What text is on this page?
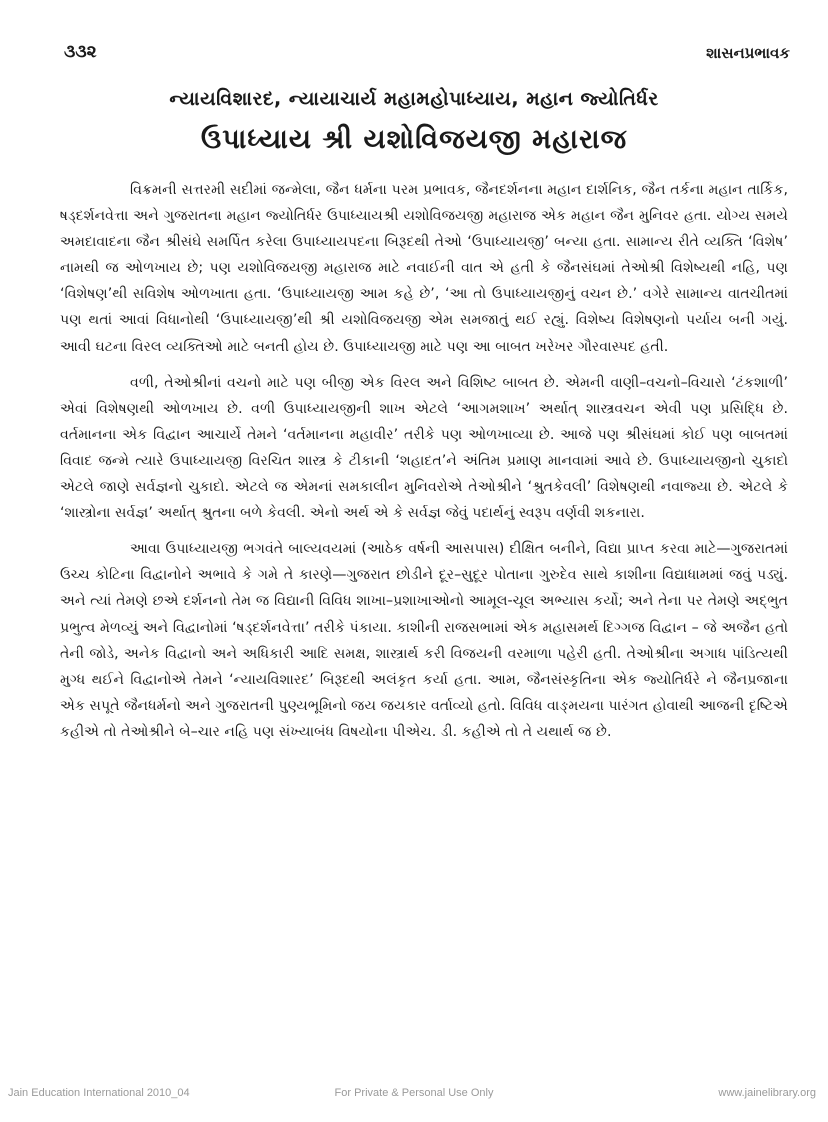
૩૩૨	શાસનપ્રભાવક
ન્યાયવિશારદ, ન્યાયાચાર્ય મહામહોપાધ્યાય, મહાન જ્યોતિર્ધર
ઉપાધ્યાય શ્રી યશોવિજયજી મહારાજ

વિક્રમની સત્તરમી સદીમાં જન્મેલા, જૈન ધર્મના પરમ પ્રભાવક, જૈનદર્શનના મહાન દાર્શનિક, જૈન તર્કના મહાન તાર્કિક, ષડ્દર્શનવેત્તા અને ગુજરાતના મહાન જ્યોતિર્ધર ઉપાધ્યાયશ્રી યશોવિજયજી મહારાજ એક મહાન જૈન મુનિવર હતા. યોગ્ય સમયે અમદાવાદના જૈન શ્રીસંઘે સમર્પિત કરેલા ઉપાધ્યાયપદના બિરૂદથી તેઓ ‘ઉપાધ્યાયજી’ બન્યા હતા. સામાન્ય રીતે વ્યક્તિ ‘વિશેષ’ નામથી જ ઓળખાય છે; પણ યશોવિજયજી મહારાજ માટે નવાઈની વાત એ હતી કે જૈનસંઘમાં તેઓશ્રી વિશેષ્યથી નહિ, પણ ‘વિશેષણ’થી સવિશેષ ઓળખાતા હતા. ‘ઉપાધ્યાયજી આમ કહે છે’, ‘આ તો ઉપાધ્યાયજીનું વચન છે.’ વગેરે સામાન્ય વાતચીતમાં પણ થતાં આવાં વિધાનોથી ‘ઉપાધ્યાયજી’થી શ્રી યશોવિજયજી એમ સમજાતું થઈ રહ્યું. વિશેષ્ય વિશેષણનો પર્યાય બની ગયું. આવી ઘટના વિરલ વ્યક્તિઓ માટે બનતી હોય છે. ઉપાધ્યાયજી માટે પણ આ બાબત ખરેખર ગૌરવાસ્પદ હતી.

વળી, તેઓશ્રીનાં વચનો માટે પણ બીજી એક વિરલ અને વિશિષ્ટ બાબત છે. એમની વાણી–વચનો–વિચારો ‘ટંકશાળી’ એવાં વિશેષણથી ઓળખાય છે. વળી ઉપાધ્યાયજીની શાખ એટલે ‘આગમશાખ’ અર્થાત્ શાસ્ત્રવચન એવી પણ પ્રસિદ્ધિ છે. વર્તમાનના એક વિદ્વાન આચાર્યે તેમને ‘વર્તમાનના મહાવીર’ તરીકે પણ ઓળખાવ્યા છે. આજે પણ શ્રીસંઘમાં કોઈ પણ બાબતમાં વિવાદ જન્મે ત્યારે ઉપાધ્યાયજી વિરચિત શાસ્ત્ર કે ટીકાની ‘શહાદત’ને અંતિમ પ્રમાણ માનવામાં આવે છે. ઉપાધ્યાયજીનો ચુકાદો એટલે જાણે સર્વજ્ઞનો ચુકાદો. એટલે જ એમનાં સમકાલીન મુનિવરોએ તેઓશ્રીને ‘શ્રુતકેવલી’ વિશેષણથી નવાજ્યા છે. એટલે કે ‘શાસ્ત્રોના સર્વજ્ઞ’ અર્થાત્ શ્રુતના બળે કેવલી. એનો અર્થ એ કે સર્વજ્ઞ જેવું પદાર્થનું સ્વરૂપ વર્ણવી શકનારા.

આવા ઉપાધ્યાયજી ભગવંતે બાલ્યવયમાં (આઠેક વર્ષની આસપાસ) દીક્ષિત બનીને, વિદ્યા પ્રાપ્ત કરવા માટે—ગુજરાતમાં ઉચ્ચ કોટિના વિદ્વાનોને અભાવે કે ગમે તે કારણે—ગુજરાત છોડીને દૂર–સુદૂર પોતાના ગુરુદેવ સાથે કાશીના વિદ્યાધામમાં જવું પડ્યું. અને ત્યાં તેમણે છએ દર્શનનો તેમ જ વિદ્યાની વિવિધ શાખા–પ્રશાખાઓનો આમૂલ-ચૂલ અભ્યાસ કર્યો; અને તેના પર તેમણે અદ્‌ભુત પ્રભુત્વ મેળવ્યું અને વિદ્વાનોમાં ‘ષડ્દર્શનવેત્તા’ તરીકે પંકાયા. કાશીની રાજસભામાં એક મહાસમર્થ દિગ્ગજ વિદ્વાન – જે અજૈન હતો તેની જોડે, અનેક વિદ્વાનો અને અધિકારી આદિ સમક્ષ, શાસ્ત્રાર્થ કરી વિજયની વરમાળા પહેરી હતી. તેઓશ્રીના અગાધ પાંડિત્યથી મુગ્ધ થઈને વિદ્વાનોએ તેમને ‘ન્યાયવિશારદ’ બિરૂદથી અલંકૃત કર્યા હતા. આમ, જૈનસંસ્કૃતિના એક જ્યોતિર્ધરે ને જૈનપ્રજાના એક સપૂતે જૈનધર્મનો અને ગુજરાતની પુણ્યભૂમિનો જય જયકાર વર્તાવ્યો હતો. વિવિધ વાઙ્‌મયના પારંગત હોવાથી આજની દૃષ્ટિએ કહીએ તો તેઓશ્રીને બે–ચાર નહિ પણ સંખ્યાબંધ વિષયોના પીએચ. ડી. કહીએ તો તે યથાર્થ જ છે.

Jain Education International 2010_04	For Private & Personal Use Only	www.jainelibrary.org
